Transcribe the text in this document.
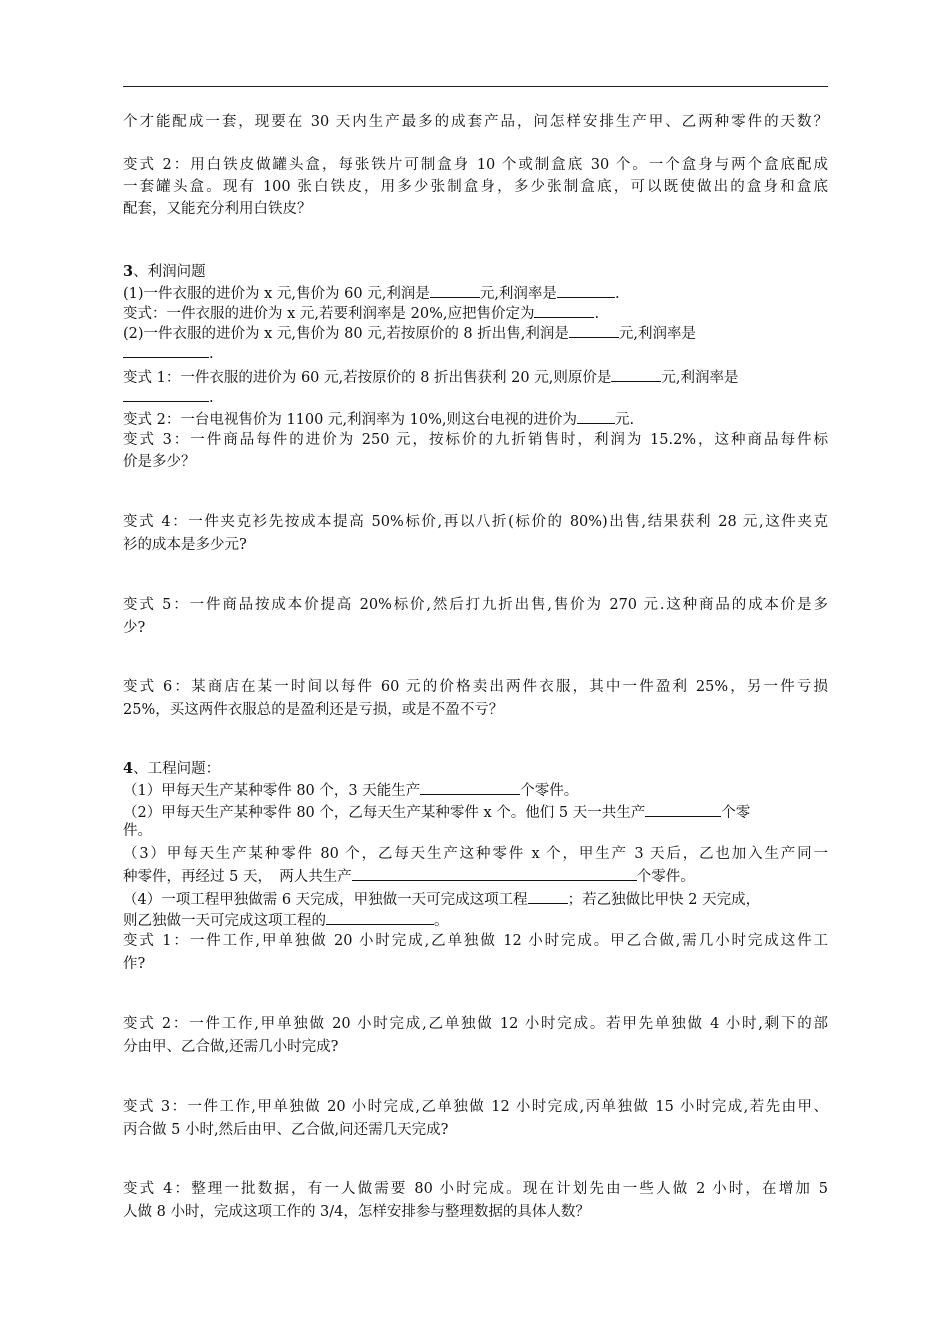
个才能配成一套，现要在 30 天内生产最多的成套产品，问怎样安排生产甲、乙两种零件的天数？
变式 2：用白铁皮做罐头盒，每张铁片可制盒身 10 个或制盒底 30 个。一个盒身与两个盒底配成
一套罐头盒。现有 100 张白铁皮，用多少张制盒身，多少张制盒底，可以既使做出的盒身和盒底
配套，又能充分利用白铁皮？
3、利润问题
(1)一件衣服的进价为 x 元,售价为 60 元,利润是	元,利润率是	.
变式：一件衣服的进价为 x 元,若要利润率是 20%,应把售价定为	.
(2)一件衣服的进价为 x 元,售价为 80 元,若按原价的 8 折出售,利润是	元,利润率是
.
变式 1：一件衣服的进价为 60 元,若按原价的 8 折出售获利 20 元,则原价是	元,利润率是
.
变式 2：一台电视售价为 1100 元,利润率为 10%,则这台电视的进价为	元.
变式 3：一件商品每件的进价为 250 元，按标价的九折销售时，利润为 15.2%，这种商品每件标
价是多少？
变式 4：一件夹克衫先按成本提高 50%标价,再以八折(标价的 80%)出售,结果获利 28 元,这件夹克
衫的成本是多少元?
变式 5：一件商品按成本价提高 20%标价,然后打九折出售,售价为 270 元.这种商品的成本价是多
少?
变式 6：某商店在某一时间以每件 60 元的价格卖出两件衣服，其中一件盈利 25%，另一件亏损
25%，买这两件衣服总的是盈利还是亏损，或是不盈不亏？
4、工程问题：
（1）甲每天生产某种零件 80 个，3 天能生产	个零件。
（2）甲每天生产某种零件 80 个，乙每天生产某种零件 x 个。他们 5 天一共生产	个零
件。
（3）甲每天生产某种零件 80 个，乙每天生产这种零件 x 个，甲生产 3 天后，乙也加入生产同一
种零件，再经过 5 天，　两人共生产	个零件。
（4）一项工程甲独做需 6 天完成，甲独做一天可完成这项工程	；若乙独做比甲快 2 天完成，
则乙独做一天可完成这项工程的	。
变式 1：一件工作,甲单独做 20 小时完成,乙单独做 12 小时完成。甲乙合做,需几小时完成这件工
作?
变式 2：一件工作,甲单独做 20 小时完成,乙单独做 12 小时完成。若甲先单独做 4 小时,剩下的部
分由甲、乙合做,还需几小时完成?
变式 3：一件工作,甲单独做 20 小时完成,乙单独做 12 小时完成,丙单独做 15 小时完成,若先由甲、
丙合做 5 小时,然后由甲、乙合做,问还需几天完成?
变式 4：整理一批数据，有一人做需要 80 小时完成。现在计划先由一些人做 2 小时，在增加 5
人做 8 小时，完成这项工作的 3/4，怎样安排参与整理数据的具体人数？
